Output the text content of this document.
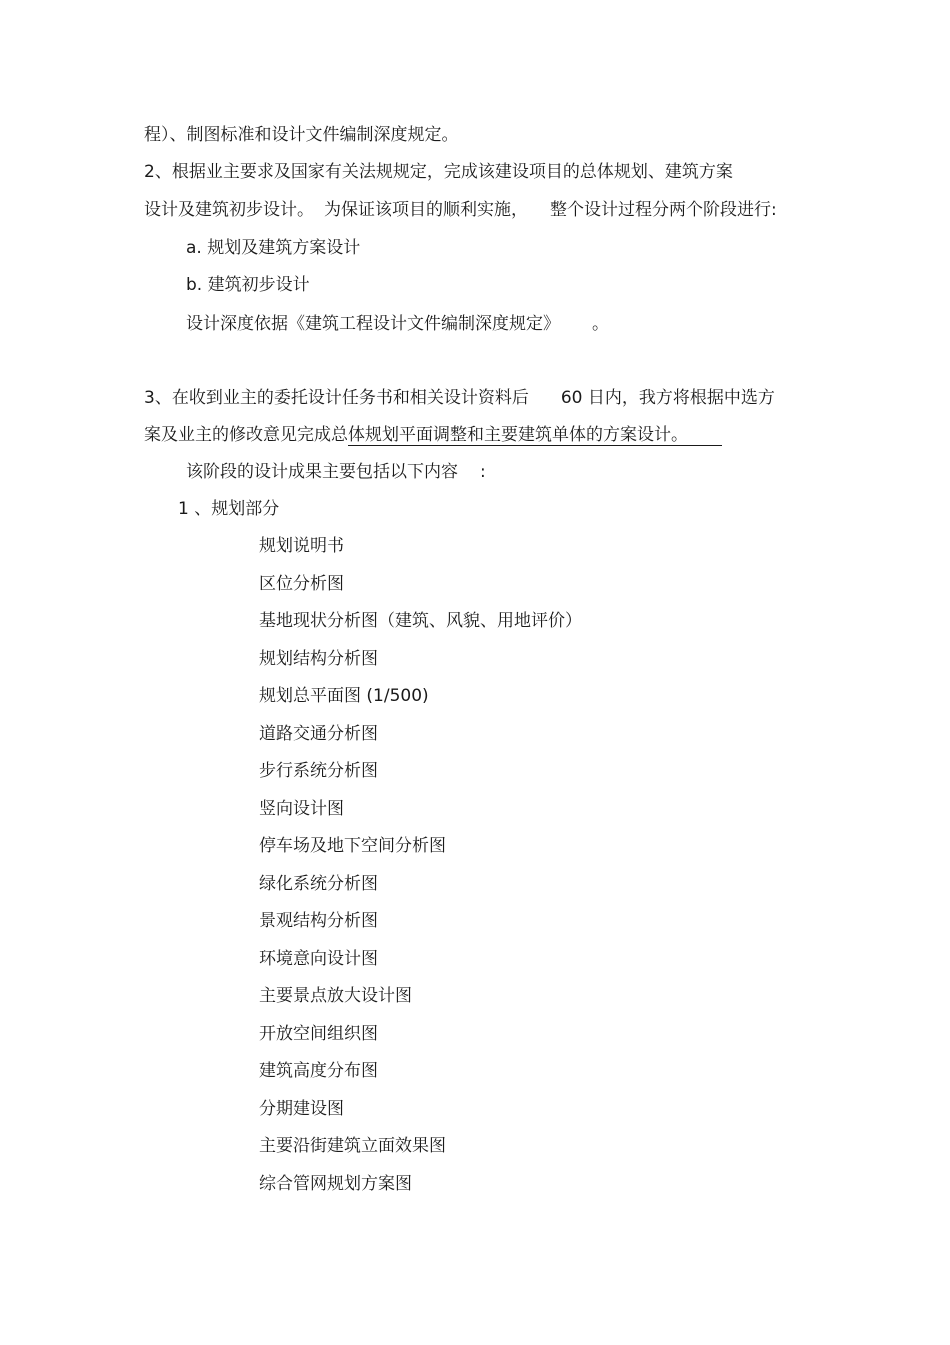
程）、制图标准和设计文件编制深度规定。
2、根据业主要求及国家有关法规规定，完成该建设项目的总体规划、建筑方案
设计及建筑初步设计。 为保证该项目的顺利实施， 整个设计过程分两个阶段进行:
a. 规划及建筑方案设计
b. 建筑初步设计
设计深度依据《建筑工程设计文件编制深度规定》 。
3、在收到业主的委托设计任务书和相关设计资料后 60 日内，我方将根据中选方
案及业主的修改意见完成总体规划平面调整和主要建筑单体的方案设计。
该阶段的设计成果主要包括以下内容 :
1 、规划部分
规划说明书
区位分析图
基地现状分析图（建筑、风貌、用地评价）
规划结构分析图
规划总平面图 (1/500)
道路交通分析图
步行系统分析图
竖向设计图
停车场及地下空间分析图
绿化系统分析图
景观结构分析图
环境意向设计图
主要景点放大设计图
开放空间组织图
建筑高度分布图
分期建设图
主要沿街建筑立面效果图
综合管网规划方案图
